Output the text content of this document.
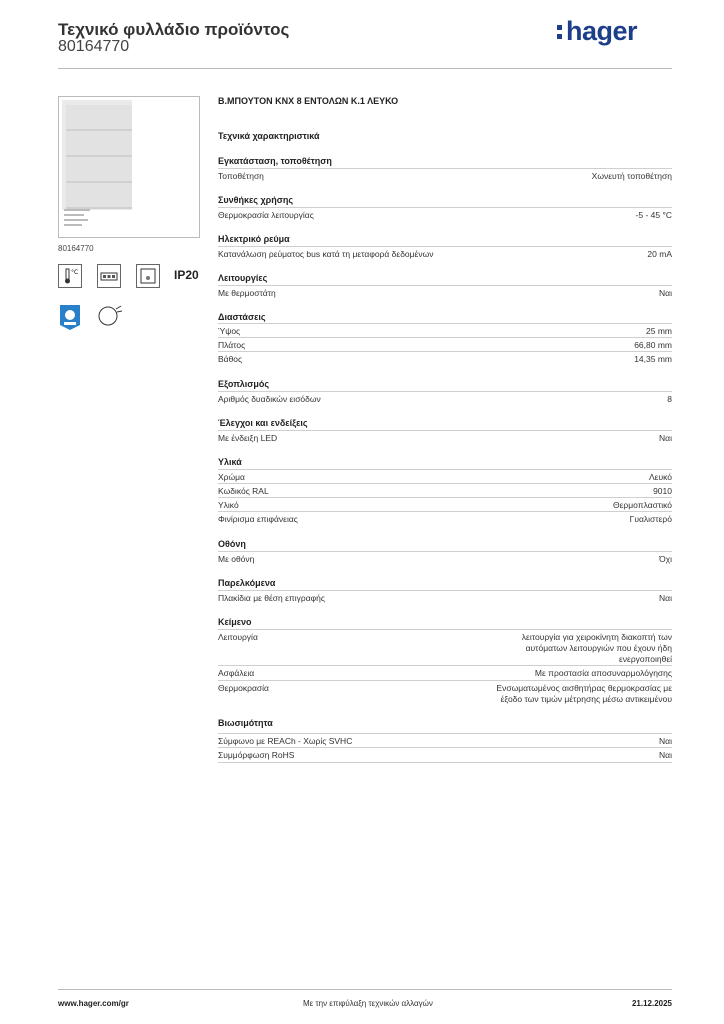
Τεχνικό φυλλάδιο προϊόντος
80164770
hager
80164770
°C	IP20
Β.ΜΠΟΥΤΟΝ KNX 8 ΕΝΤΟΛΩΝ Κ.1 ΛΕΥΚΟ
Τεχνικά χαρακτηριστικά
Εγκατάσταση, τοποθέτηση
Τοποθέτηση	Χωνευτή τοποθέτηση
Συνθήκες χρήσης
Θερμοκρασία λειτουργίας	-5 - 45 °C
Ηλεκτρικό ρεύμα
Κατανάλωση ρεύματος bus κατά τη μεταφορά δεδομένων	20 mA
Λειτουργίες
Με θερμοστάτη	Ναι
Διαστάσεις
Ύψος	25 mm
Πλάτος	66,80 mm
Βάθος	14,35 mm
Εξοπλισμός
Αριθμός δυαδικών εισόδων	8
Έλεγχοι και ενδείξεις
Με ένδειξη LED	Ναι
Υλικά
Χρώμα	Λευκό
Κωδικός RAL	9010
Υλικό	Θερμοπλαστικό
Φινίρισμα επιφάνειας	Γυαλιστερό
Οθόνη
Με οθόνη	Όχι
Παρελκόμενα
Πλακίδια με θέση επιγραφής	Ναι
Κείμενο
Λειτουργία	λειτουργία για χειροκίνητη διακοπτή των
αυτόματων λειτουργιών που έχουν ήδη
ενεργοποιηθεί
Ασφάλεια	Με προστασία αποσυναρμολόγησης
Θερμοκρασία	Ενσωματωμένος αισθητήρας θερμοκρασίας με
έξοδο των τιμών μέτρησης μέσω αντικειμένου
Βιωσιμότητα
Σύμφωνο με REACh - Χωρίς SVHC	Ναι
Συμμόρφωση RoHS	Ναι
www.hager.com/gr	Με την επιφύλαξη τεχνικών αλλαγών	21.12.2025
